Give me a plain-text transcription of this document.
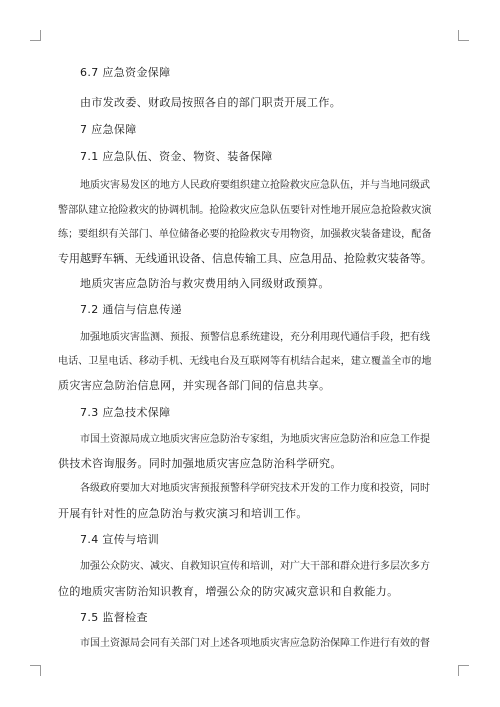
6.7 应急资金保障
由市发改委、财政局按照各自的部门职责开展工作。
7 应急保障
7.1 应急队伍、资金、物资、装备保障
地质灾害易发区的地方人民政府要组织建立抢险救灾应急队伍，并与当地同级武
警部队建立抢险救灾的协调机制。抢险救灾应急队伍要针对性地开展应急抢险救灾演
练；要组织有关部门、单位储备必要的抢险救灾专用物资，加强救灾装备建设，配备
专用越野车辆、无线通讯设备、信息传输工具、应急用品、抢险救灾装备等。
地质灾害应急防治与救灾费用纳入同级财政预算。
7.2 通信与信息传递
加强地质灾害监测、预报、预警信息系统建设，充分利用现代通信手段，把有线
电话、卫星电话、移动手机、无线电台及互联网等有机结合起来，建立覆盖全市的地
质灾害应急防治信息网，并实现各部门间的信息共享。
7.3 应急技术保障
市国土资源局成立地质灾害应急防治专家组，为地质灾害应急防治和应急工作提
供技术咨询服务。同时加强地质灾害应急防治科学研究。
各级政府要加大对地质灾害预报预警科学研究技术开发的工作力度和投资，同时
开展有针对性的应急防治与救灾演习和培训工作。
7.4 宣传与培训
加强公众防灾、减灾、自救知识宣传和培训，对广大干部和群众进行多层次多方
位的地质灾害防治知识教育，增强公众的防灾减灾意识和自救能力。
7.5 监督检查
市国土资源局会同有关部门对上述各项地质灾害应急防治保障工作进行有效的督
